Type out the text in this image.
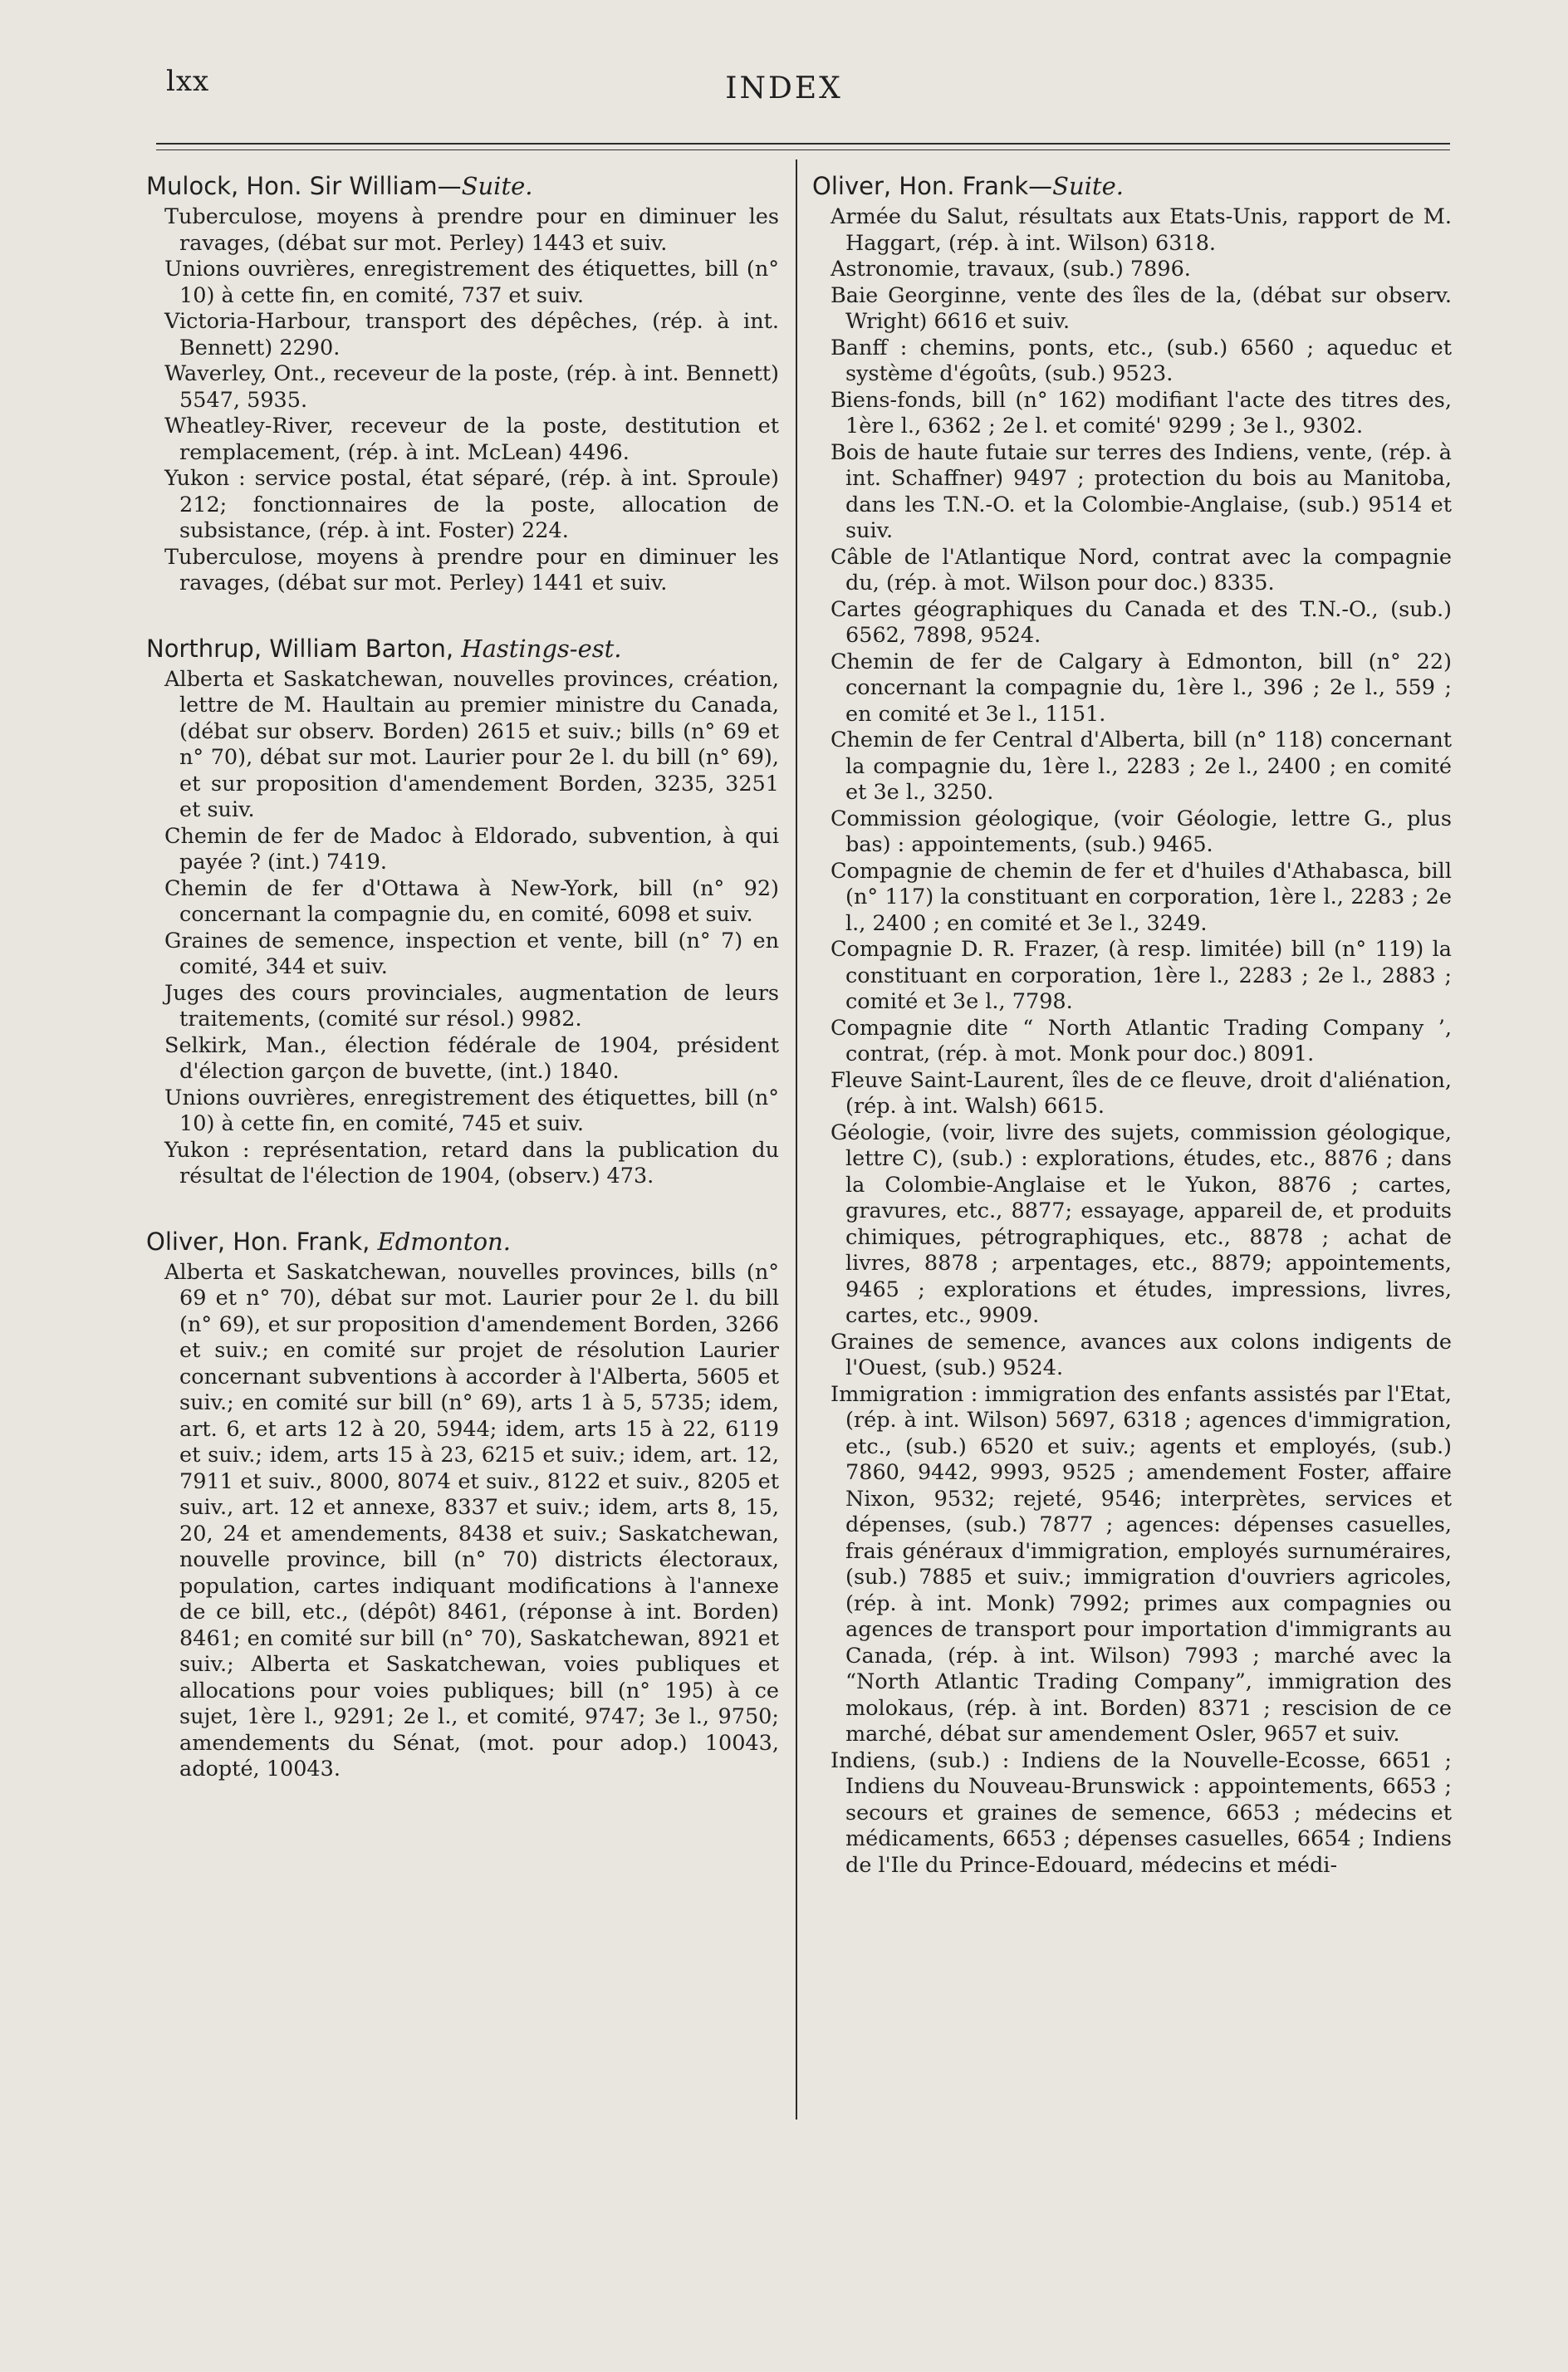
lxx	INDEX
Mulock, Hon. Sir William—Suite.

Tuberculose, moyens à prendre pour en diminuer les ravages, (débat sur mot. Perley) 1443 et suiv.

Unions ouvrières, enregistrement des étiquettes, bill (n° 10) à cette fin, en comité, 737 et suiv.

Victoria-Harbour, transport des dépêches, (rép. à int. Bennett) 2290.

Waverley, Ont., receveur de la poste, (rép. à int. Bennett) 5547, 5935.

Wheatley-River, receveur de la poste, destitution et remplacement, (rép. à int. McLean) 4496.

Yukon : service postal, état séparé, (rép. à int. Sproule) 212; fonctionnaires de la poste, allocation de subsistance, (rép. à int. Foster) 224.

Tuberculose, moyens à prendre pour en diminuer les ravages, (débat sur mot. Perley) 1441 et suiv.

Northrup, William Barton, Hastings-est.

Alberta et Saskatchewan, nouvelles provinces, création, lettre de M. Haultain au premier ministre du Canada, (débat sur observ. Borden) 2615 et suiv.; bills (n° 69 et n° 70), débat sur mot. Laurier pour 2e l. du bill (n° 69), et sur proposition d'amendement Borden, 3235, 3251 et suiv.

Chemin de fer de Madoc à Eldorado, subvention, à qui payée ? (int.) 7419.

Chemin de fer d'Ottawa à New-York, bill (n° 92) concernant la compagnie du, en comité, 6098 et suiv.

Graines de semence, inspection et vente, bill (n° 7) en comité, 344 et suiv.

Juges des cours provinciales, augmentation de leurs traitements, (comité sur résol.) 9982.

Selkirk, Man., élection fédérale de 1904, président d'élection garçon de buvette, (int.) 1840.

Unions ouvrières, enregistrement des étiquettes, bill (n° 10) à cette fin, en comité, 745 et suiv.

Yukon : représentation, retard dans la publication du résultat de l'élection de 1904, (observ.) 473.

Oliver, Hon. Frank, Edmonton.

Alberta et Saskatchewan, nouvelles provinces, bills (n° 69 et n° 70), débat sur mot. Laurier pour 2e l. du bill (n° 69), et sur proposition d'amendement Borden, 3266 et suiv.; en comité sur projet de résolution Laurier concernant subventions à accorder à l'Alberta, 5605 et suiv.; en comité sur bill (n° 69), arts 1 à 5, 5735; idem, art. 6, et arts 12 à 20, 5944; idem, arts 15 à 22, 6119 et suiv.; idem, arts 15 à 23, 6215 et suiv.; idem, art. 12, 7911 et suiv., 8000, 8074 et suiv., 8122 et suiv., 8205 et suiv., art. 12 et annexe, 8337 et suiv.; idem, arts 8, 15, 20, 24 et amendements, 8438 et suiv.; Saskatchewan, nouvelle province, bill (n° 70) districts électoraux, population, cartes indiquant modifications à l'annexe de ce bill, etc., (dépôt) 8461, (réponse à int. Borden) 8461; en comité sur bill (n° 70), Saskatchewan, 8921 et suiv.; Alberta et Saskatchewan, voies publiques et allocations pour voies publiques; bill (n° 195) à ce sujet, 1ère l., 9291; 2e l., et comité, 9747; 3e l., 9750; amendements du Sénat, (mot. pour adop.) 10043, adopté, 10043.

Oliver, Hon. Frank—Suite.

Armée du Salut, résultats aux Etats-Unis, rapport de M. Haggart, (rép. à int. Wilson) 6318.

Astronomie, travaux, (sub.) 7896.

Baie Georginne, vente des îles de la, (débat sur observ. Wright) 6616 et suiv.

Banff : chemins, ponts, etc., (sub.) 6560 ; aqueduc et système d'égoûts, (sub.) 9523.

Biens-fonds, bill (n° 162) modifiant l'acte des titres des, 1ère l., 6362 ; 2e l. et comité' 9299 ; 3e l., 9302.

Bois de haute futaie sur terres des Indiens, vente, (rép. à int. Schaffner) 9497 ; protection du bois au Manitoba, dans les T.N.-O. et la Colombie-Anglaise, (sub.) 9514 et suiv.

Câble de l'Atlantique Nord, contrat avec la compagnie du, (rép. à mot. Wilson pour doc.) 8335.

Cartes géographiques du Canada et des T.N.-O., (sub.) 6562, 7898, 9524.

Chemin de fer de Calgary à Edmonton, bill (n° 22) concernant la compagnie du, 1ère l., 396 ; 2e l., 559 ; en comité et 3e l., 1151.

Chemin de fer Central d'Alberta, bill (n° 118) concernant la compagnie du, 1ère l., 2283 ; 2e l., 2400 ; en comité et 3e l., 3250.

Commission géologique, (voir Géologie, lettre G., plus bas) : appointements, (sub.) 9465.

Compagnie de chemin de fer et d'huiles d'Athabasca, bill (n° 117) la constituant en corporation, 1ère l., 2283 ; 2e l., 2400 ; en comité et 3e l., 3249.

Compagnie D. R. Frazer, (à resp. limitée) bill (n° 119) la constituant en corporation, 1ère l., 2283 ; 2e l., 2883 ; comité et 3e l., 7798.

Compagnie dite “ North Atlantic Trading Company ’, contrat, (rép. à mot. Monk pour doc.) 8091.

Fleuve Saint-Laurent, îles de ce fleuve, droit d'aliénation, (rép. à int. Walsh) 6615.

Géologie, (voir, livre des sujets, commission géologique, lettre C), (sub.) : explorations, études, etc., 8876 ; dans la Colombie-Anglaise et le Yukon, 8876 ; cartes, gravures, etc., 8877; essayage, appareil de, et produits chimiques, pétrographiques, etc., 8878 ; achat de livres, 8878 ; arpentages, etc., 8879; appointements, 9465 ; explorations et études, impressions, livres, cartes, etc., 9909.

Graines de semence, avances aux colons indigents de l'Ouest, (sub.) 9524.

Immigration : immigration des enfants assistés par l'Etat, (rép. à int. Wilson) 5697, 6318 ; agences d'immigration, etc., (sub.) 6520 et suiv.; agents et employés, (sub.) 7860, 9442, 9993, 9525 ; amendement Foster, affaire Nixon, 9532; rejeté, 9546; interprètes, services et dépenses, (sub.) 7877 ; agences: dépenses casuelles, frais généraux d'immigration, employés surnuméraires, (sub.) 7885 et suiv.; immigration d'ouvriers agricoles, (rép. à int. Monk) 7992; primes aux compagnies ou agences de transport pour importation d'immigrants au Canada, (rép. à int. Wilson) 7993 ; marché avec la “North Atlantic Trading Company”, immigration des molokaus, (rép. à int. Borden) 8371 ; rescision de ce marché, débat sur amendement Osler, 9657 et suiv.

Indiens, (sub.) : Indiens de la Nouvelle-Ecosse, 6651 ; Indiens du Nouveau-Brunswick : appointements, 6653 ; secours et graines de semence, 6653 ; médecins et médicaments, 6653 ; dépenses casuelles, 6654 ; Indiens de l'Ile du Prince-Edouard, médecins et médi-
